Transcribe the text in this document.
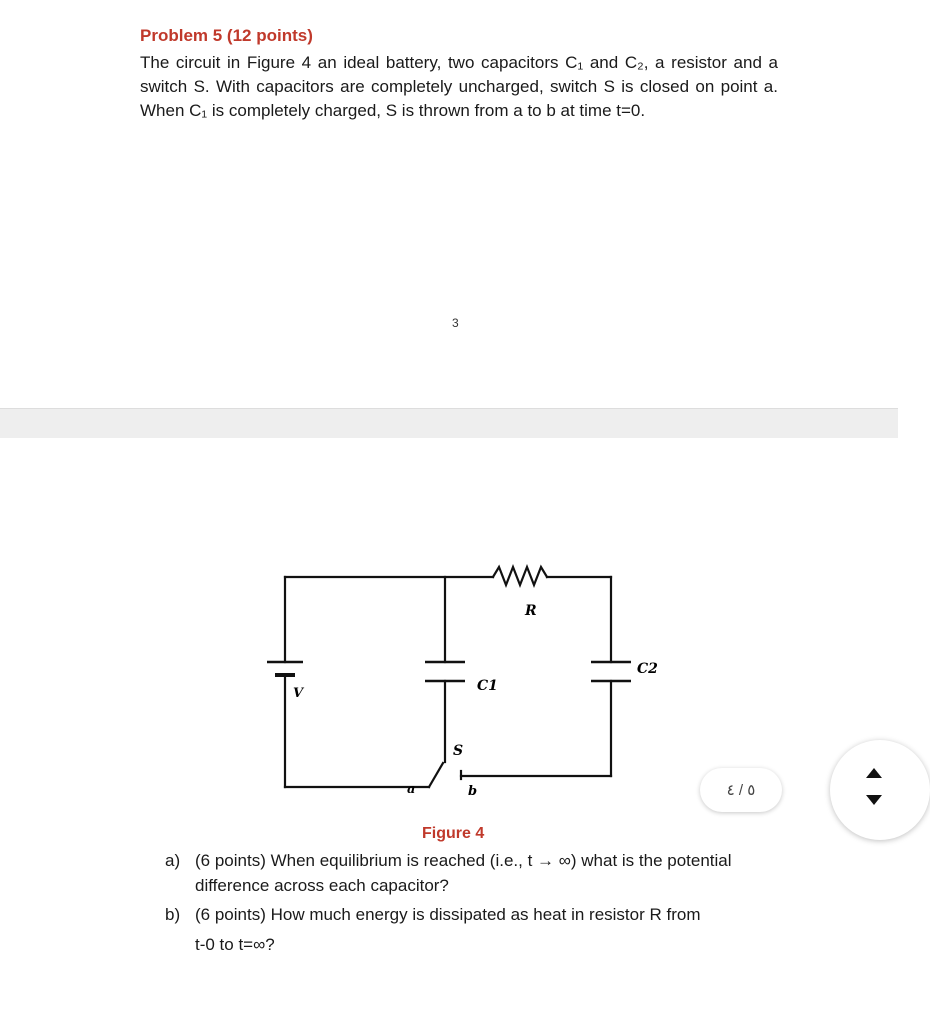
Problem 5 (12 points)
The circuit in Figure 4 an ideal battery, two capacitors C₁ and C₂, a resistor and a switch S. With capacitors are completely uncharged, switch S is closed on point a. When C₁ is completely charged, S is thrown from a to b at time t=0.
3
R
V	C1
C2
S
a	b
Figure 4
a) (6 points) When equilibrium is reached (i.e., t → ∞) what is the potential difference across each capacitor?
b) (6 points) How much energy is dissipated as heat in resistor R from
t-0 to t=∞?
٥ / ٤
